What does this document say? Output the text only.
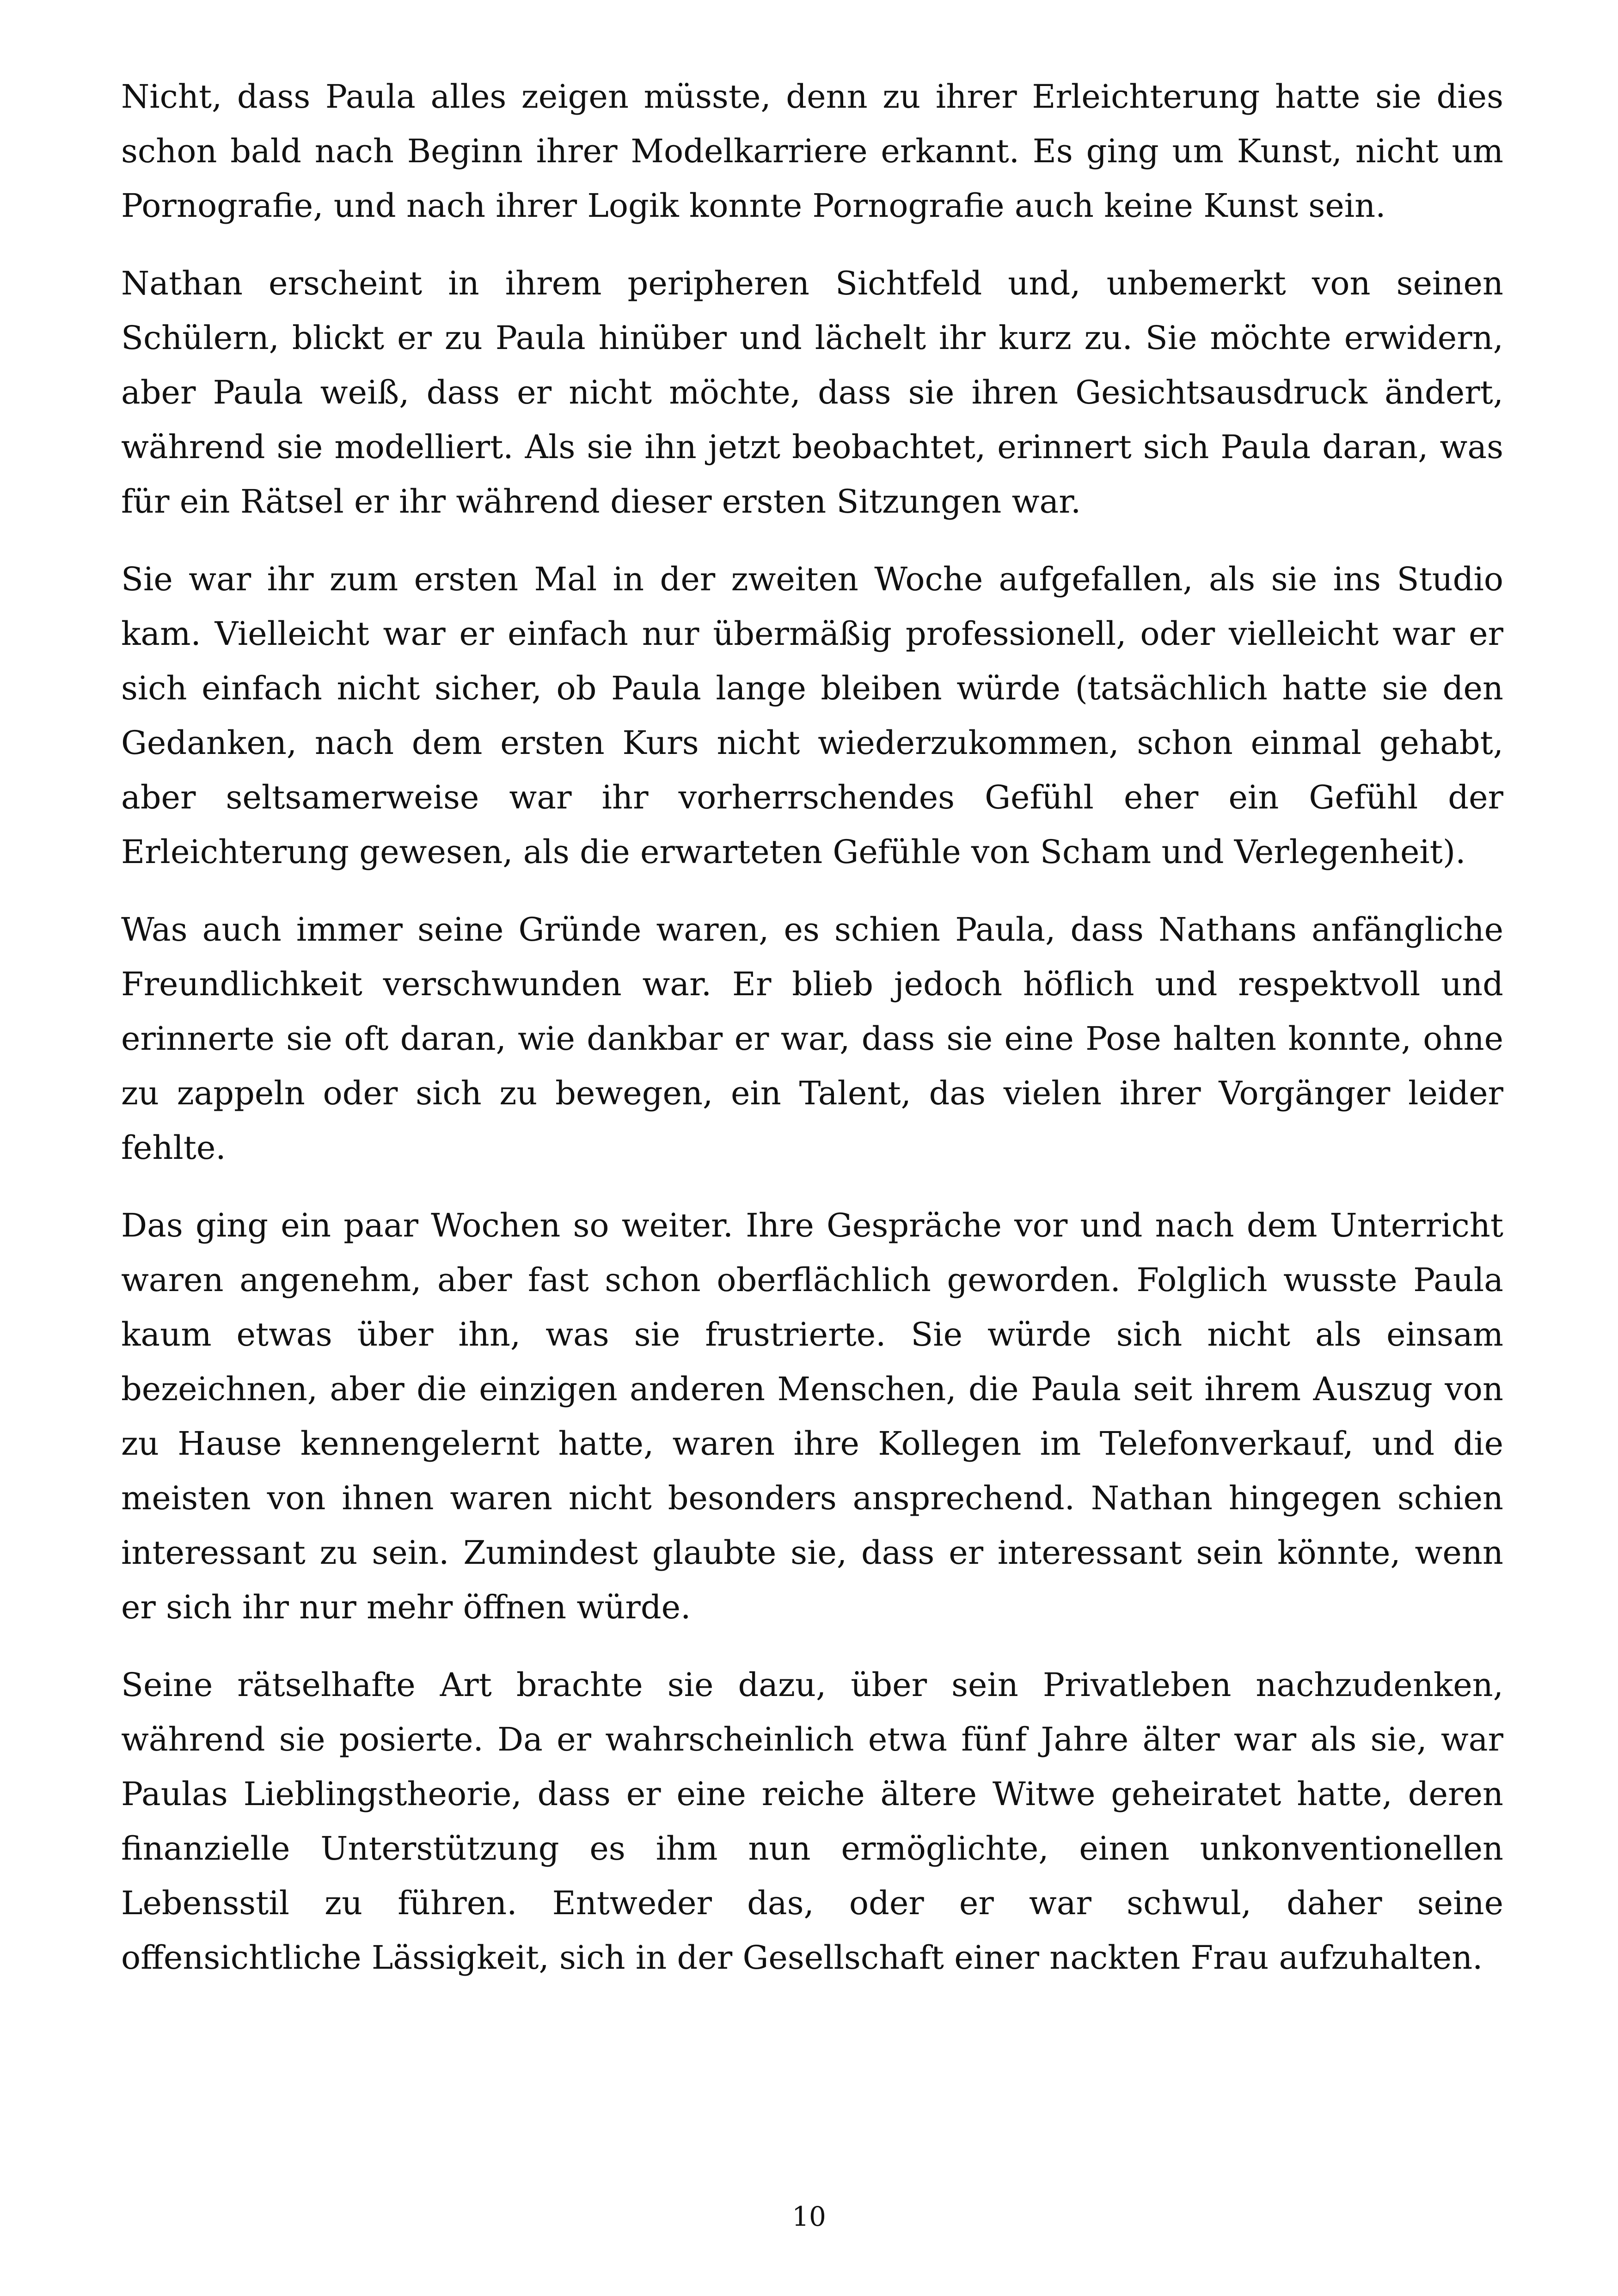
Nicht, dass Paula alles zeigen müsste, denn zu ihrer Erleichterung hatte sie dies schon bald nach Beginn ihrer Modelkarriere erkannt. Es ging um Kunst, nicht um Pornografie, und nach ihrer Logik konnte Pornografie auch keine Kunst sein.

Nathan erscheint in ihrem peripheren Sichtfeld und, unbemerkt von seinen Schülern, blickt er zu Paula hinüber und lächelt ihr kurz zu. Sie möchte erwidern, aber Paula weiß, dass er nicht möchte, dass sie ihren Gesichtsausdruck ändert, während sie modelliert. Als sie ihn jetzt beobachtet, erinnert sich Paula daran, was für ein Rätsel er ihr während dieser ersten Sitzungen war.

Sie war ihr zum ersten Mal in der zweiten Woche aufgefallen, als sie ins Studio kam. Vielleicht war er einfach nur übermäßig professionell, oder vielleicht war er sich einfach nicht sicher, ob Paula lange bleiben würde (tatsächlich hatte sie den Gedanken, nach dem ersten Kurs nicht wiederzukommen, schon einmal gehabt, aber seltsamerweise war ihr vorherrschendes Gefühl eher ein Gefühl der Erleichterung gewesen, als die erwarteten Gefühle von Scham und Verlegenheit).

Was auch immer seine Gründe waren, es schien Paula, dass Nathans anfängliche Freundlichkeit verschwunden war. Er blieb jedoch höflich und respektvoll und erinnerte sie oft daran, wie dankbar er war, dass sie eine Pose halten konnte, ohne zu zappeln oder sich zu bewegen, ein Talent, das vielen ihrer Vorgänger leider fehlte.

Das ging ein paar Wochen so weiter. Ihre Gespräche vor und nach dem Unterricht waren angenehm, aber fast schon oberflächlich geworden. Folglich wusste Paula kaum etwas über ihn, was sie frustrierte. Sie würde sich nicht als einsam bezeichnen, aber die einzigen anderen Menschen, die Paula seit ihrem Auszug von zu Hause kennengelernt hatte, waren ihre Kollegen im Telefonverkauf, und die meisten von ihnen waren nicht besonders ansprechend. Nathan hingegen schien interessant zu sein. Zumindest glaubte sie, dass er interessant sein könnte, wenn er sich ihr nur mehr öffnen würde.

Seine rätselhafte Art brachte sie dazu, über sein Privatleben nachzudenken, während sie posierte. Da er wahrscheinlich etwa fünf Jahre älter war als sie, war Paulas Lieblingstheorie, dass er eine reiche ältere Witwe geheiratet hatte, deren finanzielle Unterstützung es ihm nun ermöglichte, einen unkonventionellen Lebensstil zu führen. Entweder das, oder er war schwul, daher seine offensichtliche Lässigkeit, sich in der Gesellschaft einer nackten Frau aufzuhalten.

10
